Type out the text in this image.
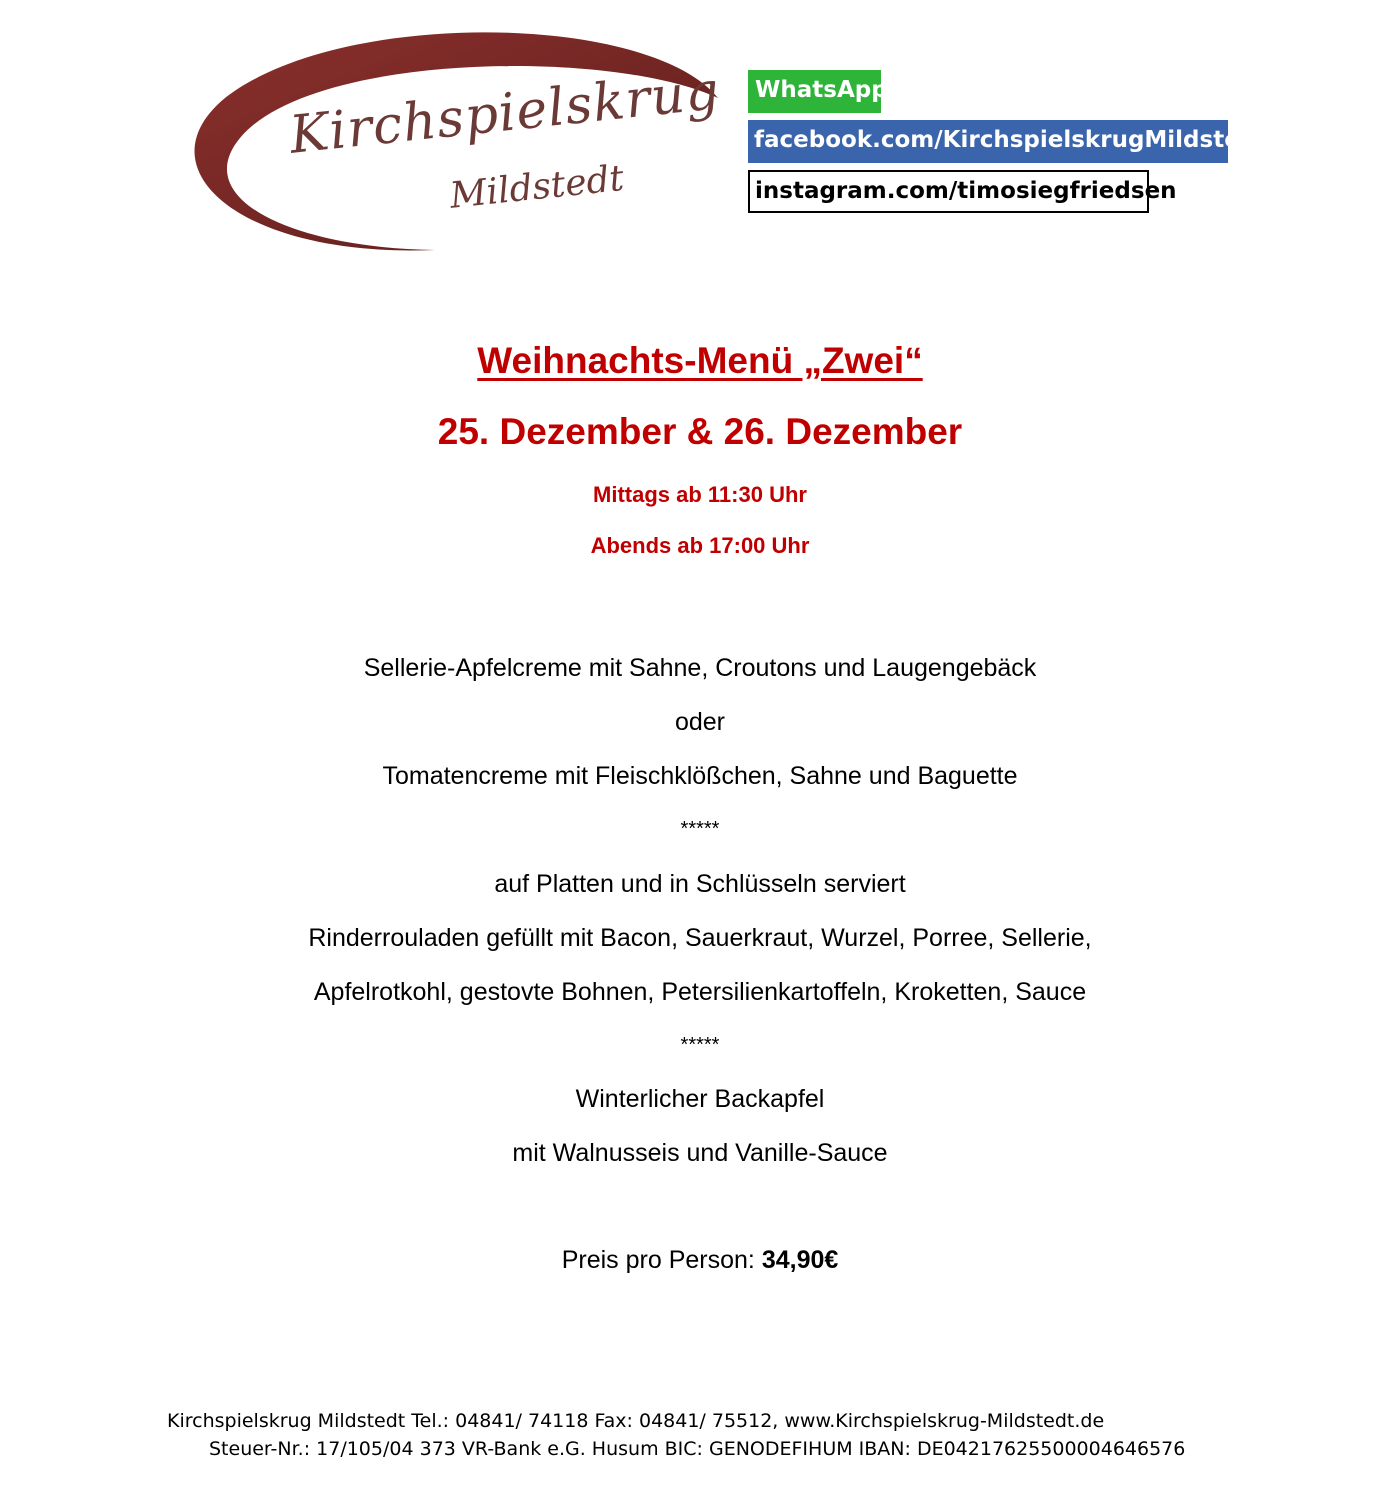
Kirchspielskrug
Mildstedt
WhatsApp
facebook.com/KirchspielskrugMildstedt
instagram.com/timosiegfriedsen
Weihnachts-Menü „Zwei“
25. Dezember & 26. Dezember
Mittags ab 11:30 Uhr
Abends ab 17:00 Uhr
Sellerie-Apfelcreme mit Sahne, Croutons und Laugengebäck
oder
Tomatencreme mit Fleischklößchen, Sahne und Baguette
*****
auf Platten und in Schlüsseln serviert
Rinderrouladen gefüllt mit Bacon, Sauerkraut, Wurzel, Porree, Sellerie,
Apfelrotkohl, gestovte Bohnen, Petersilienkartoffeln, Kroketten, Sauce
*****
Winterlicher Backapfel
mit Walnusseis und Vanille-Sauce
Preis pro Person: 34,90€
Kirchspielskrug Mildstedt Tel.: 04841/ 74118 Fax: 04841/ 75512, www.Kirchspielskrug-Mildstedt.de
Steuer-Nr.: 17/105/04 373 VR-Bank e.G. Husum BIC: GENODEFIHUM IBAN: DE04217625500004646576
